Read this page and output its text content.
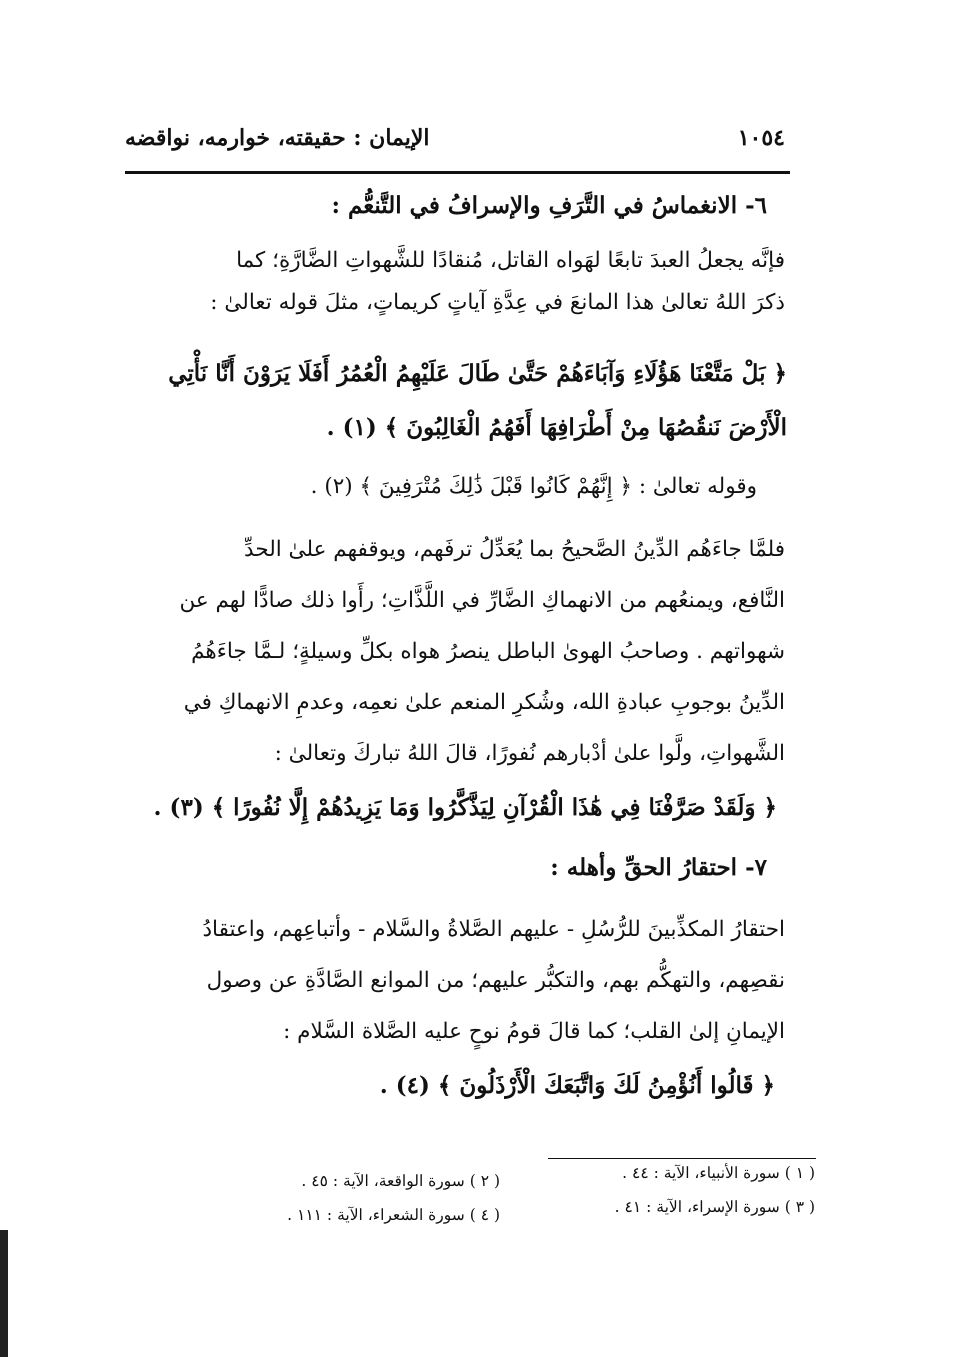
الإيمان : حقيقته، خوارمه، نواقضه	١٠٥٤
٦- الانغماسُ في التَّرَفِ والإسرافُ في التَّنعُّم :
فإنَّه يجعلُ العبدَ تابعًا لهَواه القاتل، مُنقادًا للشَّهواتِ الضَّارَّةِ؛ كما
ذكرَ اللهُ تعالىٰ هذا المانعَ في عِدَّةِ آياتٍ كريماتٍ، مثلَ قوله تعالىٰ :
﴿ بَلْ مَتَّعْنَا هَؤُلَاءِ وَآبَاءَهُمْ حَتَّىٰ طَالَ عَلَيْهِمُ الْعُمُرُ أَفَلَا يَرَوْنَ أَنَّا نَأْتِي
الْأَرْضَ نَنقُصُهَا مِنْ أَطْرَافِهَا أَفَهُمُ الْغَالِبُونَ ﴾ (١) .
وقوله تعالىٰ : ﴿ إِنَّهُمْ كَانُوا قَبْلَ ذَٰلِكَ مُتْرَفِينَ ﴾ (٢) .
فلمَّا جاءَهُم الدِّينُ الصَّحيحُ بما يُعَدِّلُ ترفَهم، ويوقفهم علىٰ الحدِّ
النَّافع، ويمنعُهم من الانهماكِ الضَّارِّ في اللَّذَّاتِ؛ رأَوا ذلك صادًّا لهم عن
شهواتهم . وصاحبُ الهوىٰ الباطل ينصرُ هواه بكلِّ وسيلةٍ؛ لـمَّا جاءَهُمُ
الدِّينُ بوجوبِ عبادةِ الله، وشُكرِ المنعم علىٰ نعمِه، وعدمِ الانهماكِ في
الشَّهواتِ، ولَّوا علىٰ أدْبارهم نُفورًا، قالَ اللهُ تباركَ وتعالىٰ :
﴿ وَلَقَدْ صَرَّفْنَا فِي هَٰذَا الْقُرْآنِ لِيَذَّكَّرُوا وَمَا يَزِيدُهُمْ إِلَّا نُفُورًا ﴾ (٣) .
٧- احتقارُ الحقِّ وأهله :
احتقارُ المكذِّبينَ للرُّسُلِ - عليهم الصَّلاةُ والسَّلام - وأتباعِهم، واعتقادُ
نقصِهم، والتهكُّم بهم، والتكبُّر عليهم؛ من الموانع الصَّادَّةِ عن وصول
الإيمانِ إلىٰ القلب؛ كما قالَ قومُ نوحٍ عليه الصَّلاة السَّلام :
﴿ قَالُوا أَنُؤْمِنُ لَكَ وَاتَّبَعَكَ الْأَرْذَلُونَ ﴾ (٤) .
( ١ ) سورة الأنبياء، الآية : ٤٤ .
( ٢ ) سورة الواقعة، الآية : ٤٥ .
( ٣ ) سورة الإسراء، الآية : ٤١ .
( ٤ ) سورة الشعراء، الآية : ١١١ .
